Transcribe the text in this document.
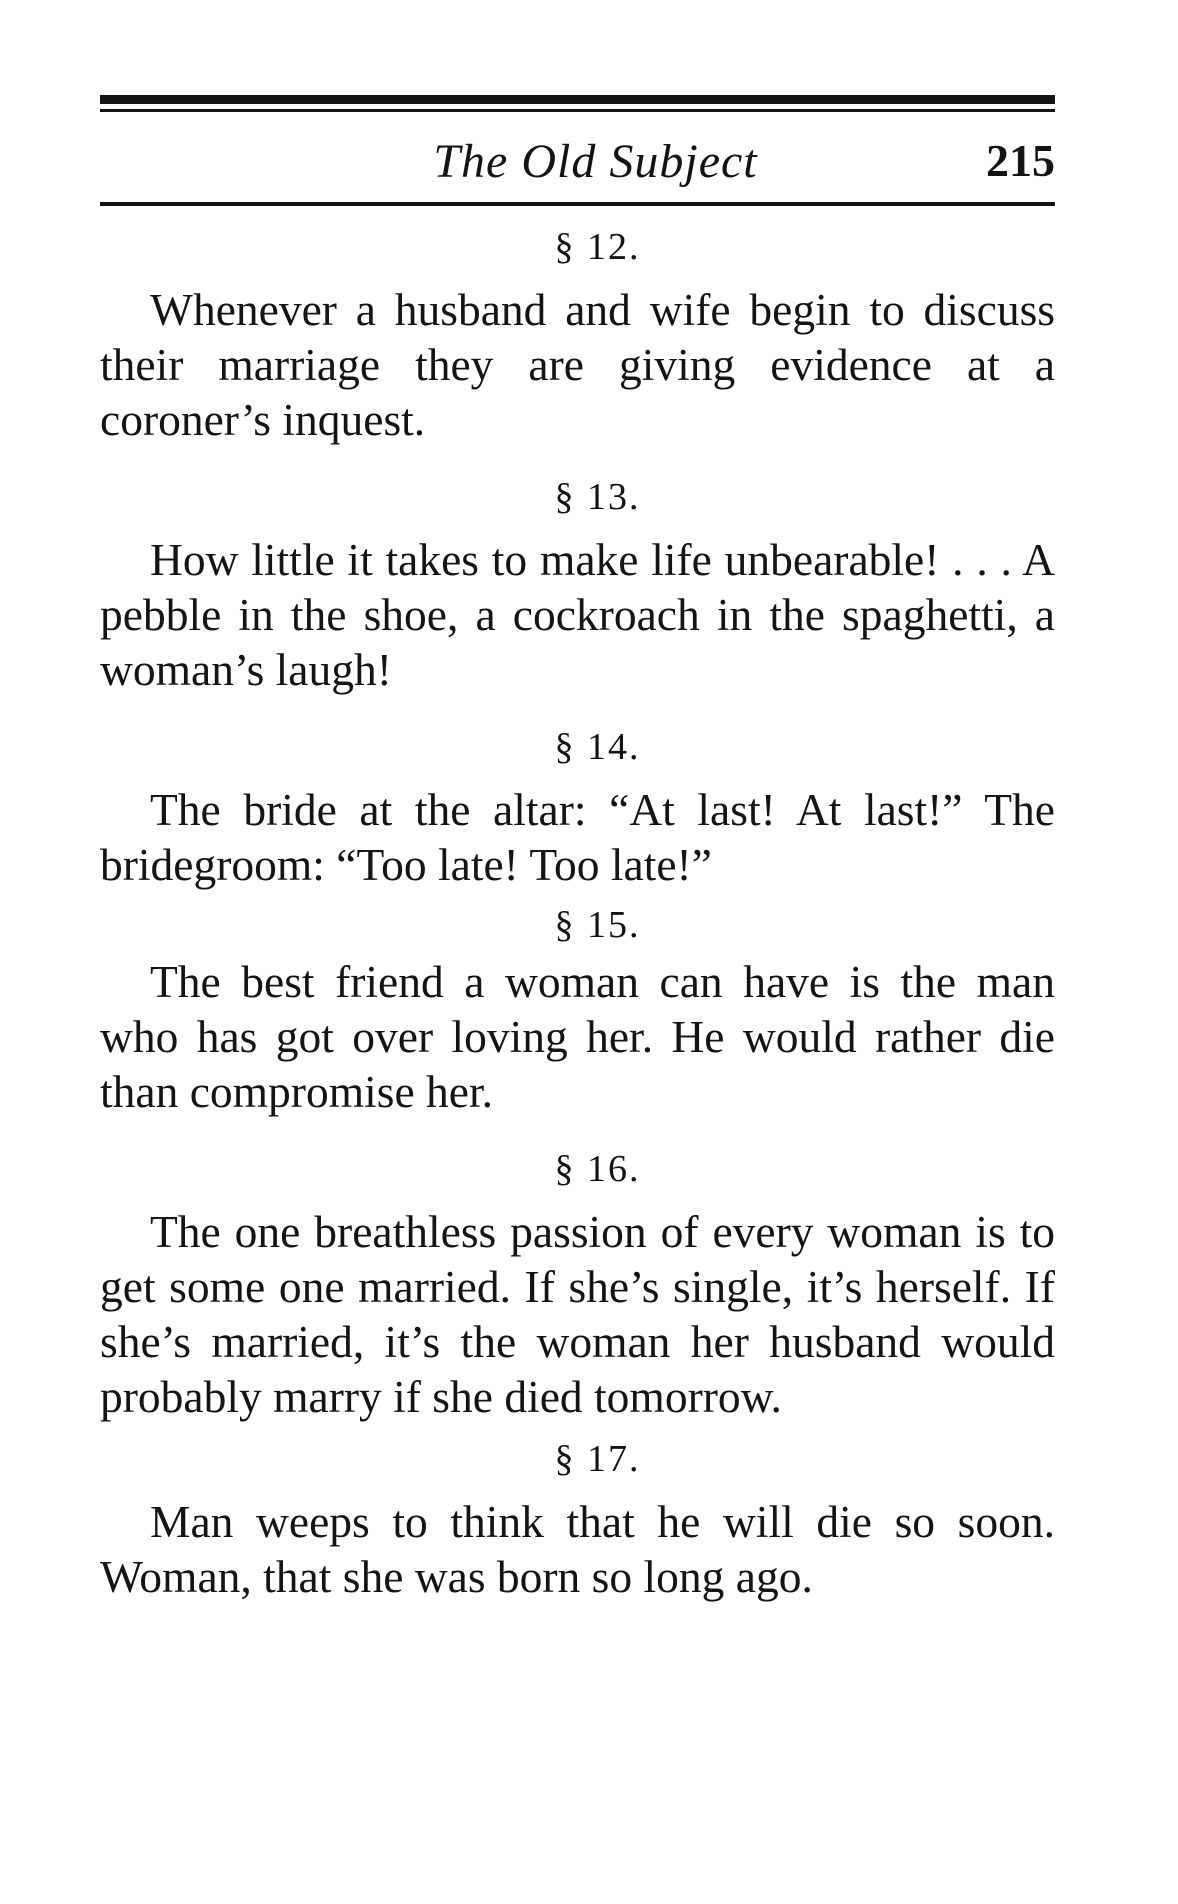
The Old Subject	215
§ 12.

Whenever a husband and wife begin to discuss their marriage they are giving evidence at a coroner’s inquest.

§ 13.

How little it takes to make life unbearable! . . . A pebble in the shoe, a cockroach in the spaghetti, a woman’s laugh!

§ 14.

The bride at the altar: “At last! At last!” The bridegroom: “Too late! Too late!”

§ 15.

The best friend a woman can have is the man who has got over loving her. He would rather die than compromise her.

§ 16.

The one breathless passion of every woman is to get some one married. If she’s single, it’s herself. If she’s married, it’s the woman her husband would probably marry if she died tomorrow.

§ 17.

Man weeps to think that he will die so soon. Woman, that she was born so long ago.
